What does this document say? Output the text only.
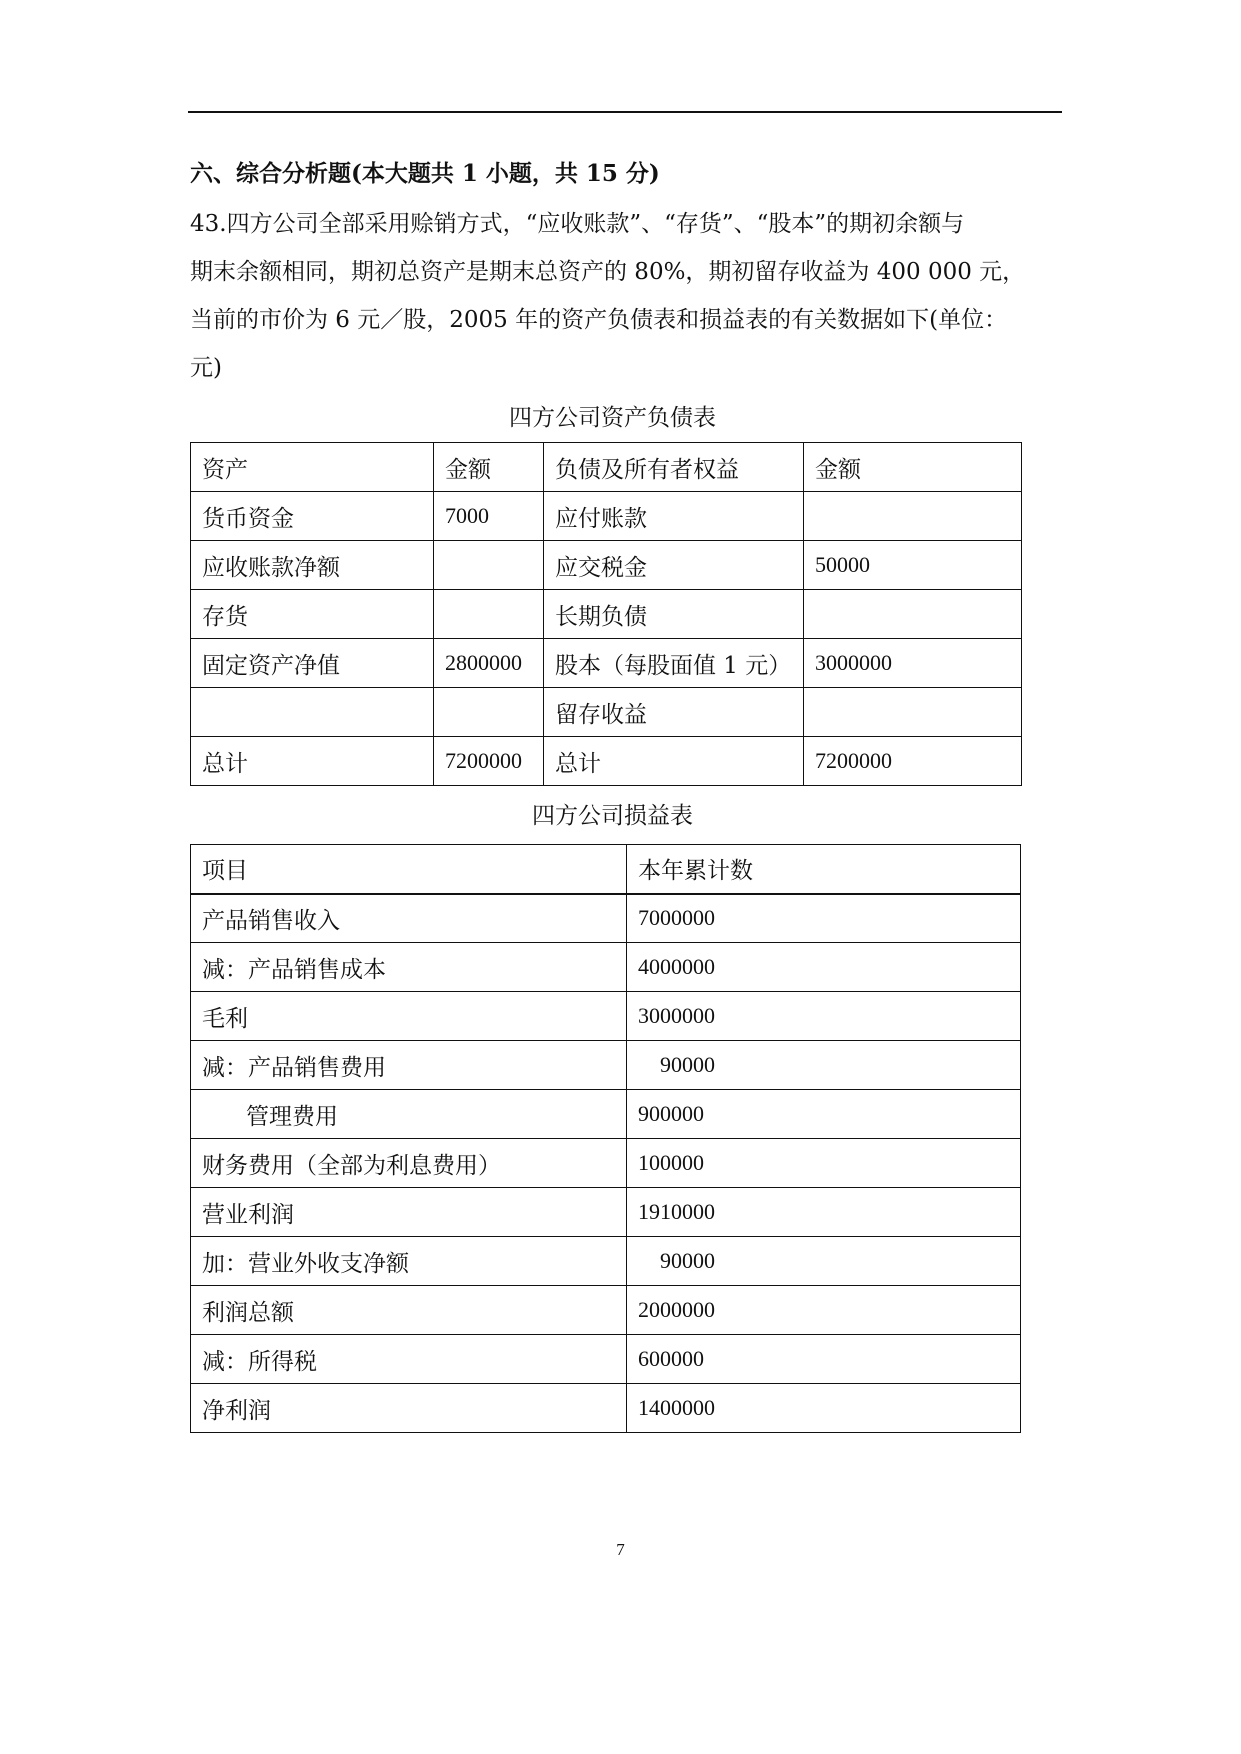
六、综合分析题(本大题共 1 小题，共 15 分)

43.四方公司全部采用赊销方式，“应收账款”、“存货”、“股本”的期初余额与

期末余额相同，期初总资产是期末总资产的 80%，期初留存收益为 400 000 元，

当前的市价为 6 元／股，2005 年的资产负债表和损益表的有关数据如下(单位：

元)

四方公司资产负债表
资产	金额	负债及所有者权益	金额
货币资金	7000	应付账款	
应收账款净额		应交税金	50000
存货		长期负债	
固定资产净值	2800000	股本（每股面值 1 元）	3000000
		留存收益	
总计	7200000	总计	7200000
四方公司损益表
项目	本年累计数
产品销售收入	7000000
减：产品销售成本	4000000
毛利	3000000
减：产品销售费用	90000
管理费用	900000
财务费用（全部为利息费用）	100000
营业利润	1910000
加：营业外收支净额	90000
利润总额	2000000
减：所得税	600000
净利润	1400000
7
